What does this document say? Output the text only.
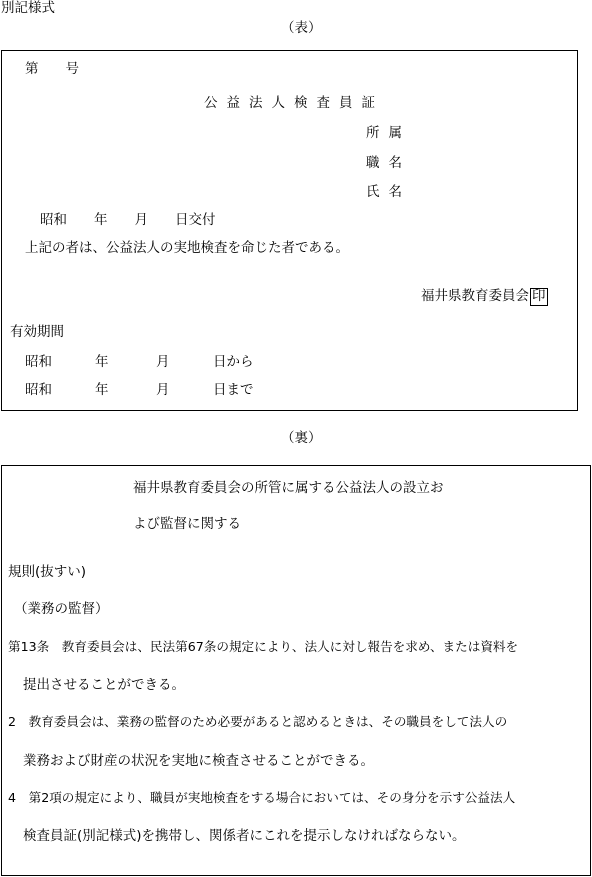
別記様式
（表）
第　　号
公益法人検査員証
所属
職名
氏名
昭和　　年　　月　　日交付
上記の者は、公益法人の実地検査を命じた者である。
福井県教育委員会 印
有効期間
昭和	年	月	日から
昭和	年	月	日まで
（裏）
福井県教育委員会の所管に属する公益法人の設立お
よび監督に関する
規則(抜すい)
（業務の監督）
第13条　教育委員会は、民法第67条の規定により、法人に対し報告を求め、または資料を
提出させることができる。
2　教育委員会は、業務の監督のため必要があると認めるときは、その職員をして法人の
業務および財産の状況を実地に検査させることができる。
4　第2項の規定により、職員が実地検査をする場合においては、その身分を示す公益法人
検査員証(別記様式)を携帯し、関係者にこれを提示しなければならない。
